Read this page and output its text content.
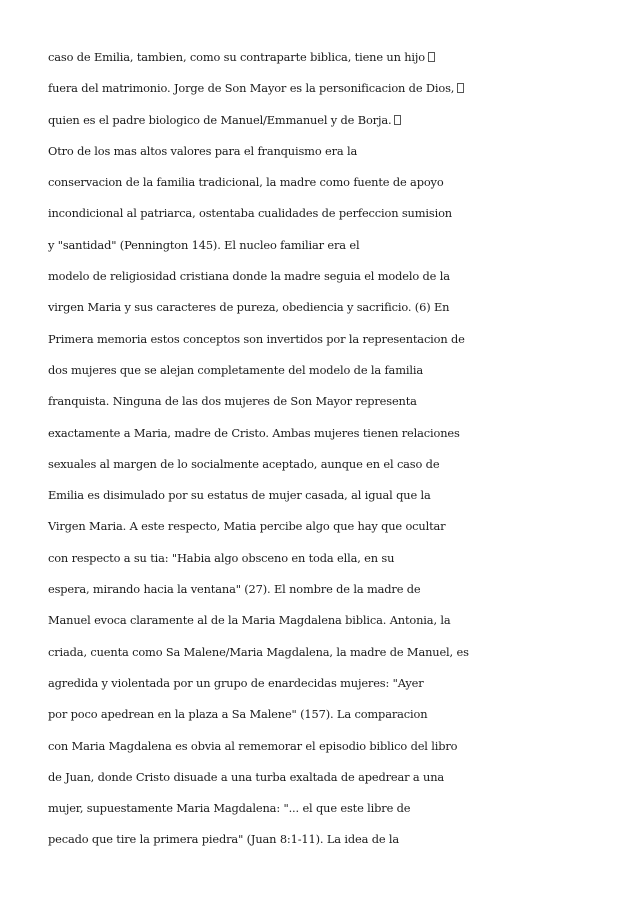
caso de Emilia, tambien, como su contraparte biblica, tiene un hijo
fuera del matrimonio. Jorge de Son Mayor es la personificacion de Dios,
quien es el padre biologico de Manuel/Emmanuel y de Borja.
Otro de los mas altos valores para el franquismo era la
conservacion de la familia tradicional, la madre como fuente de apoyo
incondicional al patriarca, ostentaba cualidades de perfeccion sumision
y "santidad" (Pennington 145). El nucleo familiar era el
modelo de religiosidad cristiana donde la madre seguia el modelo de la
virgen Maria y sus caracteres de pureza, obediencia y sacrificio. (6) En
Primera memoria estos conceptos son invertidos por la representacion de
dos mujeres que se alejan completamente del modelo de la familia
franquista. Ninguna de las dos mujeres de Son Mayor representa
exactamente a Maria, madre de Cristo. Ambas mujeres tienen relaciones
sexuales al margen de lo socialmente aceptado, aunque en el caso de
Emilia es disimulado por su estatus de mujer casada, al igual que la
Virgen Maria. A este respecto, Matia percibe algo que hay que ocultar
con respecto a su tia: "Habia algo obsceno en toda ella, en su
espera, mirando hacia la ventana" (27). El nombre de la madre de
Manuel evoca claramente al de la Maria Magdalena biblica. Antonia, la
criada, cuenta como Sa Malene/Maria Magdalena, la madre de Manuel, es
agredida y violentada por un grupo de enardecidas mujeres: "Ayer
por poco apedrean en la plaza a Sa Malene" (157). La comparacion
con Maria Magdalena es obvia al rememorar el episodio biblico del libro
de Juan, donde Cristo disuade a una turba exaltada de apedrear a una
mujer, supuestamente Maria Magdalena: "... el que este libre de
pecado que tire la primera piedra" (Juan 8:1-11). La idea de la
